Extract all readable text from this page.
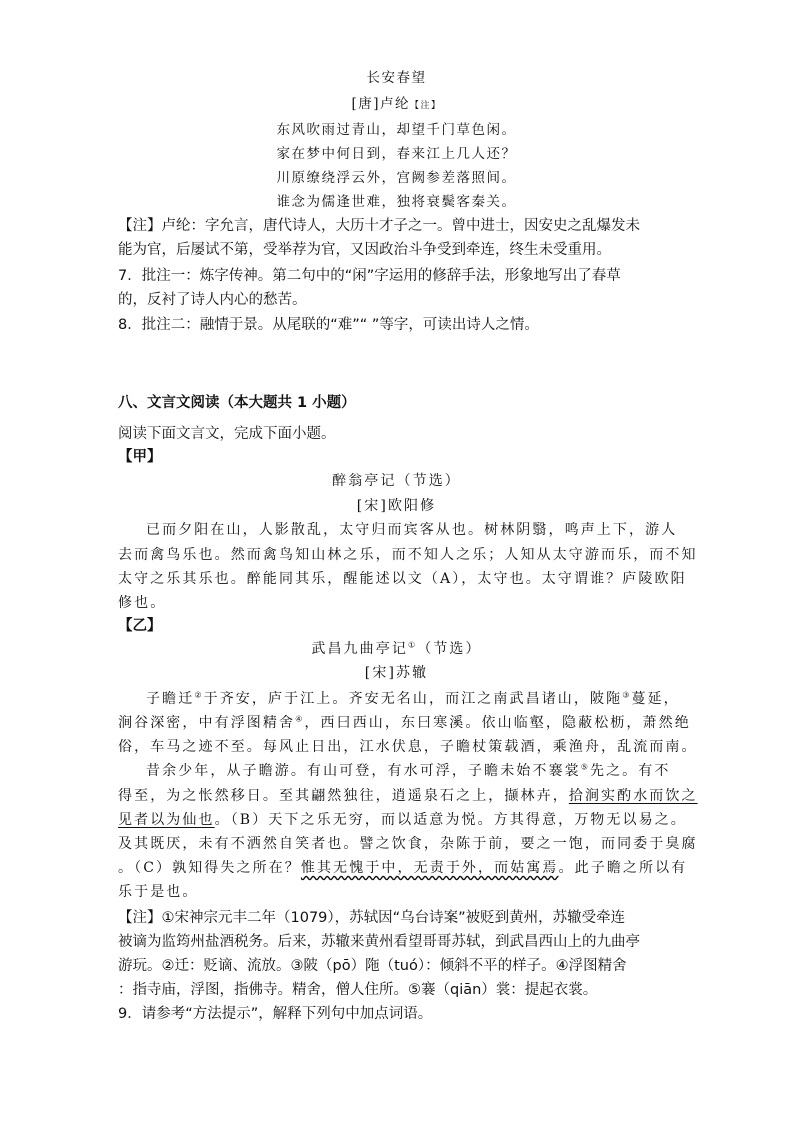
长安春望
[唐]卢纶【注】
东风吹雨过青山，却望千门草色闲。
家在梦中何日到，春来江上几人还？
川原缭绕浮云外，宫阙参差落照间。
谁念为儒逢世难，独将衰鬓客秦关。
【注】卢纶：字允言，唐代诗人，大历十才子之一。曾中进士，因安史之乱爆发未
能为官，后屡试不第，受举荐为官，又因政治斗争受到牵连，终生未受重用。
7．批注一：炼字传神。第二句中的“闲”字运用的修辞手法，形象地写出了春草
的，反衬了诗人内心的愁苦。
8．批注二：融情于景。从尾联的“难”“ ”等字，可读出诗人之情。
八、文言文阅读（本大题共 1 小题）
阅读下面文言文，完成下面小题。
【甲】
醉翁亭记（节选）
[宋]欧阳修
已而夕阳在山，人影散乱，太守归而宾客从也。树林阴翳，鸣声上下，游人
去而禽鸟乐也。然而禽鸟知山林之乐，而不知人之乐；人知从太守游而乐，而不知
太守之乐其乐也。醉能同其乐，醒能述以文（A），太守也。太守谓谁？庐陵欧阳
修也。
【乙】
武昌九曲亭记①（节选）
[宋]苏辙
子瞻迁②于齐安，庐于江上。齐安无名山，而江之南武昌诸山，陂陁③蔓延，
涧谷深密，中有浮图精舍④，西曰西山，东曰寒溪。依山临壑，隐蔽松枥，萧然绝
俗，车马之迹不至。每风止日出，江水伏息，子瞻杖策载酒，乘渔舟，乱流而南。
昔余少年，从子瞻游。有山可登，有水可浮，子瞻未始不褰裳⑤先之。有不
得至，为之怅然移日。至其翩然独往，逍遥泉石之上，撷林卉，拾涧实酌水而饮之
见者以为仙也。（B）天下之乐无穷，而以适意为悦。方其得意，万物无以易之。
及其既厌，未有不洒然自笑者也。譬之饮食，杂陈于前，要之一饱，而同委于臭腐
。（C）孰知得失之所在？惟其无愧于中，无责于外，而姑寓焉。此子瞻之所以有
乐于是也。
【注】①宋神宗元丰二年（1079），苏轼因“乌台诗案”被贬到黄州，苏辙受牵连
被谪为监筠州盐酒税务。后来，苏辙来黄州看望哥哥苏轼，到武昌西山上的九曲亭
游玩。②迁：贬谪、流放。③陂（pō）陁（tuó）：倾斜不平的样子。④浮图精舍
：指寺庙，浮图，指佛寺。精舍，僧人住所。⑤褰（qiān）裳：提起衣裳。
9．请参考“方法提示”，解释下列句中加点词语。
